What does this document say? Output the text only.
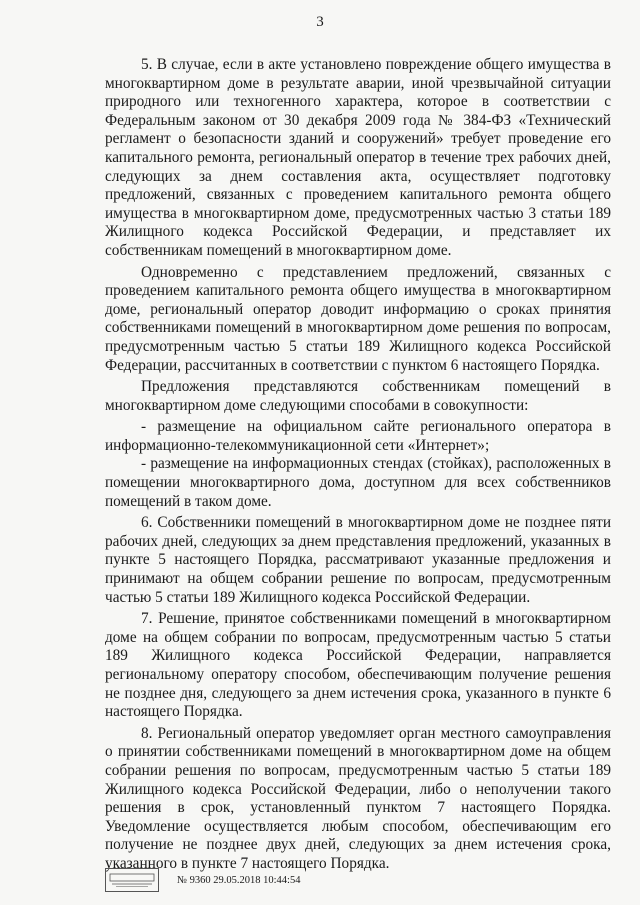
3

5. В случае, если в акте установлено повреждение общего имущества в многоквартирном доме в результате аварии, иной чрезвычайной ситуации природного или техногенного характера, которое в соответствии с Федеральным законом от 30 декабря 2009 года № 384-ФЗ «Технический регламент о безопасности зданий и сооружений» требует проведение его капитального ремонта, региональный оператор в течение трех рабочих дней, следующих за днем составления акта, осуществляет подготовку предложений, связанных с проведением капитального ремонта общего имущества в многоквартирном доме, предусмотренных частью 3 статьи 189 Жилищного кодекса Российской Федерации, и представляет их собственникам помещений в многоквартирном доме.

Одновременно с представлением предложений, связанных с проведением капитального ремонта общего имущества в многоквартирном доме, региональный оператор доводит информацию о сроках принятия собственниками помещений в многоквартирном доме решения по вопросам, предусмотренным частью 5 статьи 189 Жилищного кодекса Российской Федерации, рассчитанных в соответствии с пунктом 6 настоящего Порядка.

Предложения представляются собственникам помещений в многоквартирном доме следующими способами в совокупности:

- размещение на официальном сайте регионального оператора в информационно-телекоммуникационной сети «Интернет»;

- размещение на информационных стендах (стойках), расположенных в помещении многоквартирного дома, доступном для всех собственников помещений в таком доме.

6. Собственники помещений в многоквартирном доме не позднее пяти рабочих дней, следующих за днем представления предложений, указанных в пункте 5 настоящего Порядка, рассматривают указанные предложения и принимают на общем собрании решение по вопросам, предусмотренным частью 5 статьи 189 Жилищного кодекса Российской Федерации.

7. Решение, принятое собственниками помещений в многоквартирном доме на общем собрании по вопросам, предусмотренным частью 5 статьи 189 Жилищного кодекса Российской Федерации, направляется региональному оператору способом, обеспечивающим получение решения не позднее дня, следующего за днем истечения срока, указанного в пункте 6 настоящего Порядка.

8. Региональный оператор уведомляет орган местного самоуправления о принятии собственниками помещений в многоквартирном доме на общем собрании решения по вопросам, предусмотренным частью 5 статьи 189 Жилищного кодекса Российской Федерации, либо о неполучении такого решения в срок, установленный пунктом 7 настоящего Порядка. Уведомление осуществляется любым способом, обеспечивающим его получение не позднее двух дней, следующих за днем истечения срока, указанного в пункте 7 настоящего Порядка.

№ 9360 29.05.2018 10:44:54
